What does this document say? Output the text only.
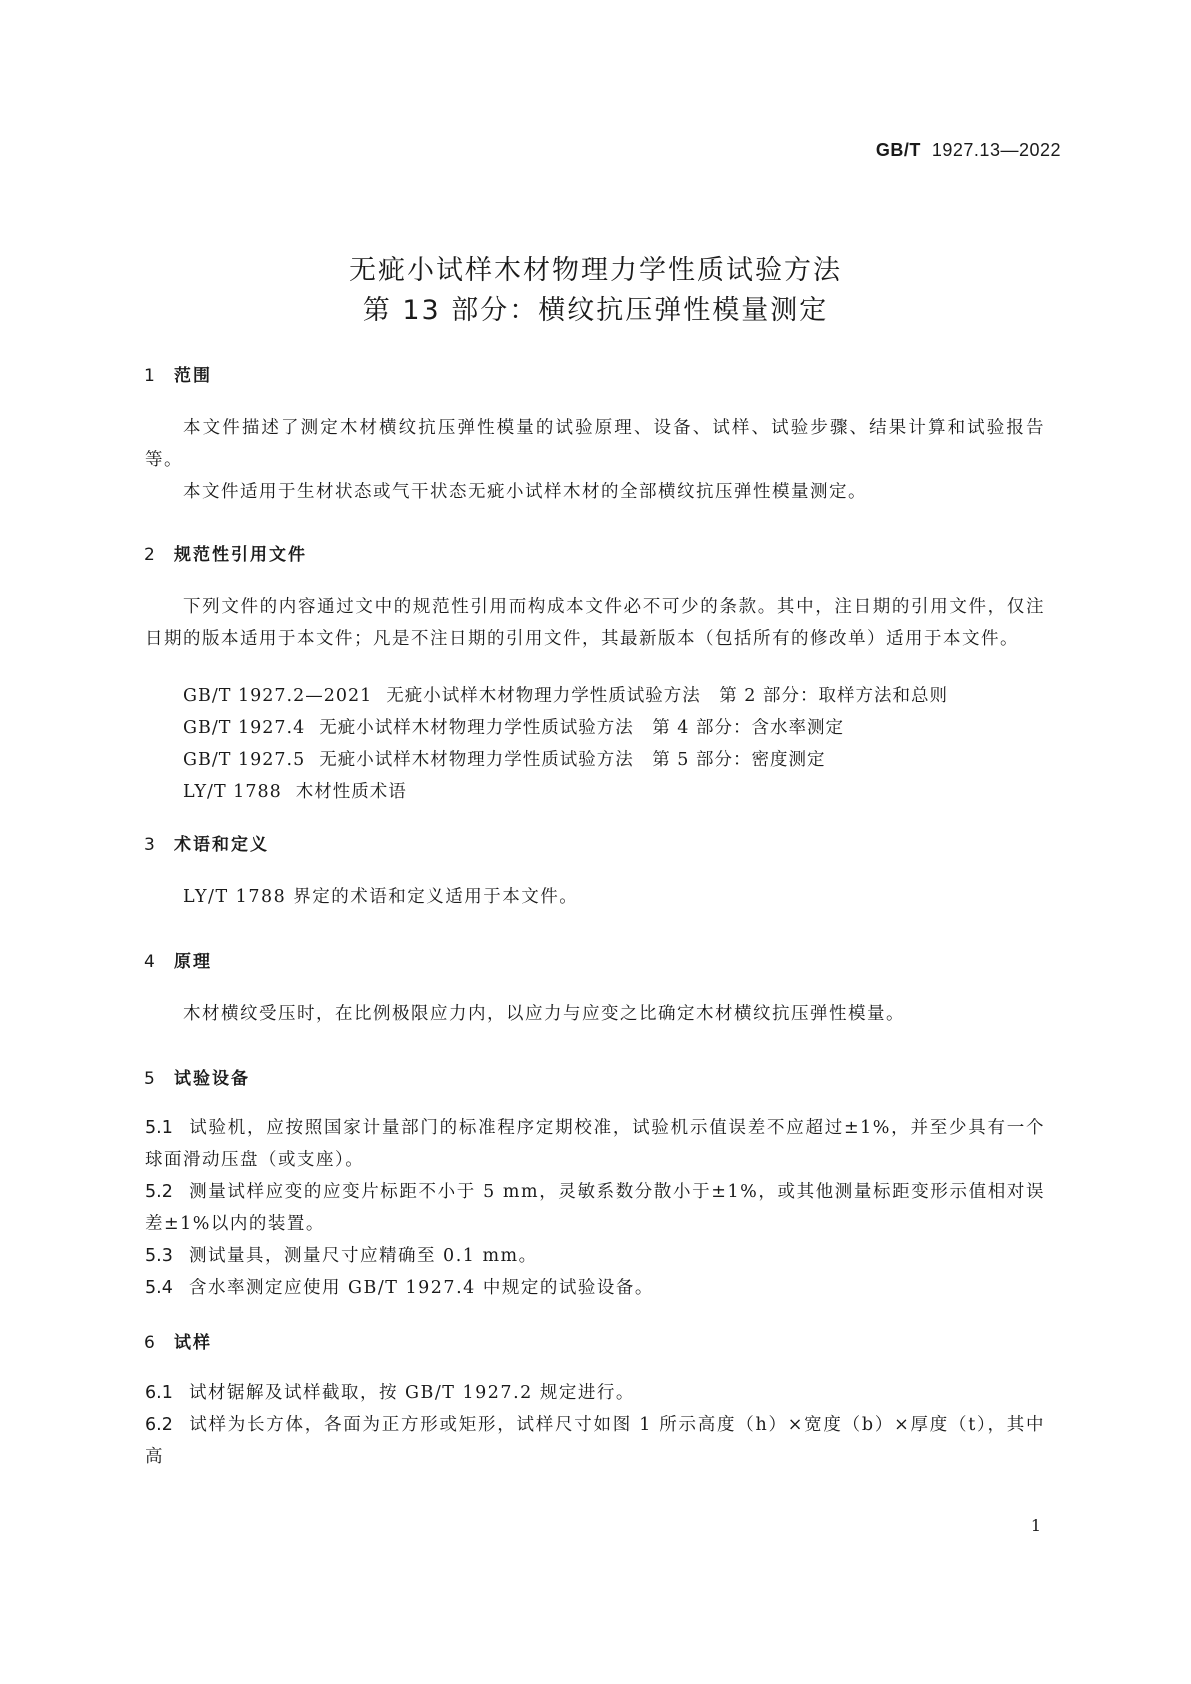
GB/T 1927.13—2022
无疵小试样木材物理力学性质试验方法
第 13 部分：横纹抗压弹性模量测定
1 范围
本文件描述了测定木材横纹抗压弹性模量的试验原理、设备、试样、试验步骤、结果计算和试验报告等。
本文件适用于生材状态或气干状态无疵小试样木材的全部横纹抗压弹性模量测定。
2 规范性引用文件
下列文件的内容通过文中的规范性引用而构成本文件必不可少的条款。其中，注日期的引用文件，仅注日期的版本适用于本文件；凡是不注日期的引用文件，其最新版本（包括所有的修改单）适用于本文件。
GB/T 1927.2—2021 无疵小试样木材物理力学性质试验方法　第 2 部分：取样方法和总则
GB/T 1927.4 无疵小试样木材物理力学性质试验方法　第 4 部分：含水率测定
GB/T 1927.5 无疵小试样木材物理力学性质试验方法　第 5 部分：密度测定
LY/T 1788 木材性质术语
3 术语和定义
LY/T 1788 界定的术语和定义适用于本文件。
4 原理
木材横纹受压时，在比例极限应力内，以应力与应变之比确定木材横纹抗压弹性模量。
5 试验设备
5.1 试验机，应按照国家计量部门的标准程序定期校准，试验机示值误差不应超过±1%，并至少具有一个球面滑动压盘（或支座）。
5.2 测量试样应变的应变片标距不小于 5 mm，灵敏系数分散小于±1%，或其他测量标距变形示值相对误差±1%以内的装置。
5.3 测试量具，测量尺寸应精确至 0.1 mm。
5.4 含水率测定应使用 GB/T 1927.4 中规定的试验设备。
6 试样
6.1 试材锯解及试样截取，按 GB/T 1927.2 规定进行。
6.2 试样为长方体，各面为正方形或矩形，试样尺寸如图 1 所示高度（h）×宽度（b）×厚度（t），其中高
1
